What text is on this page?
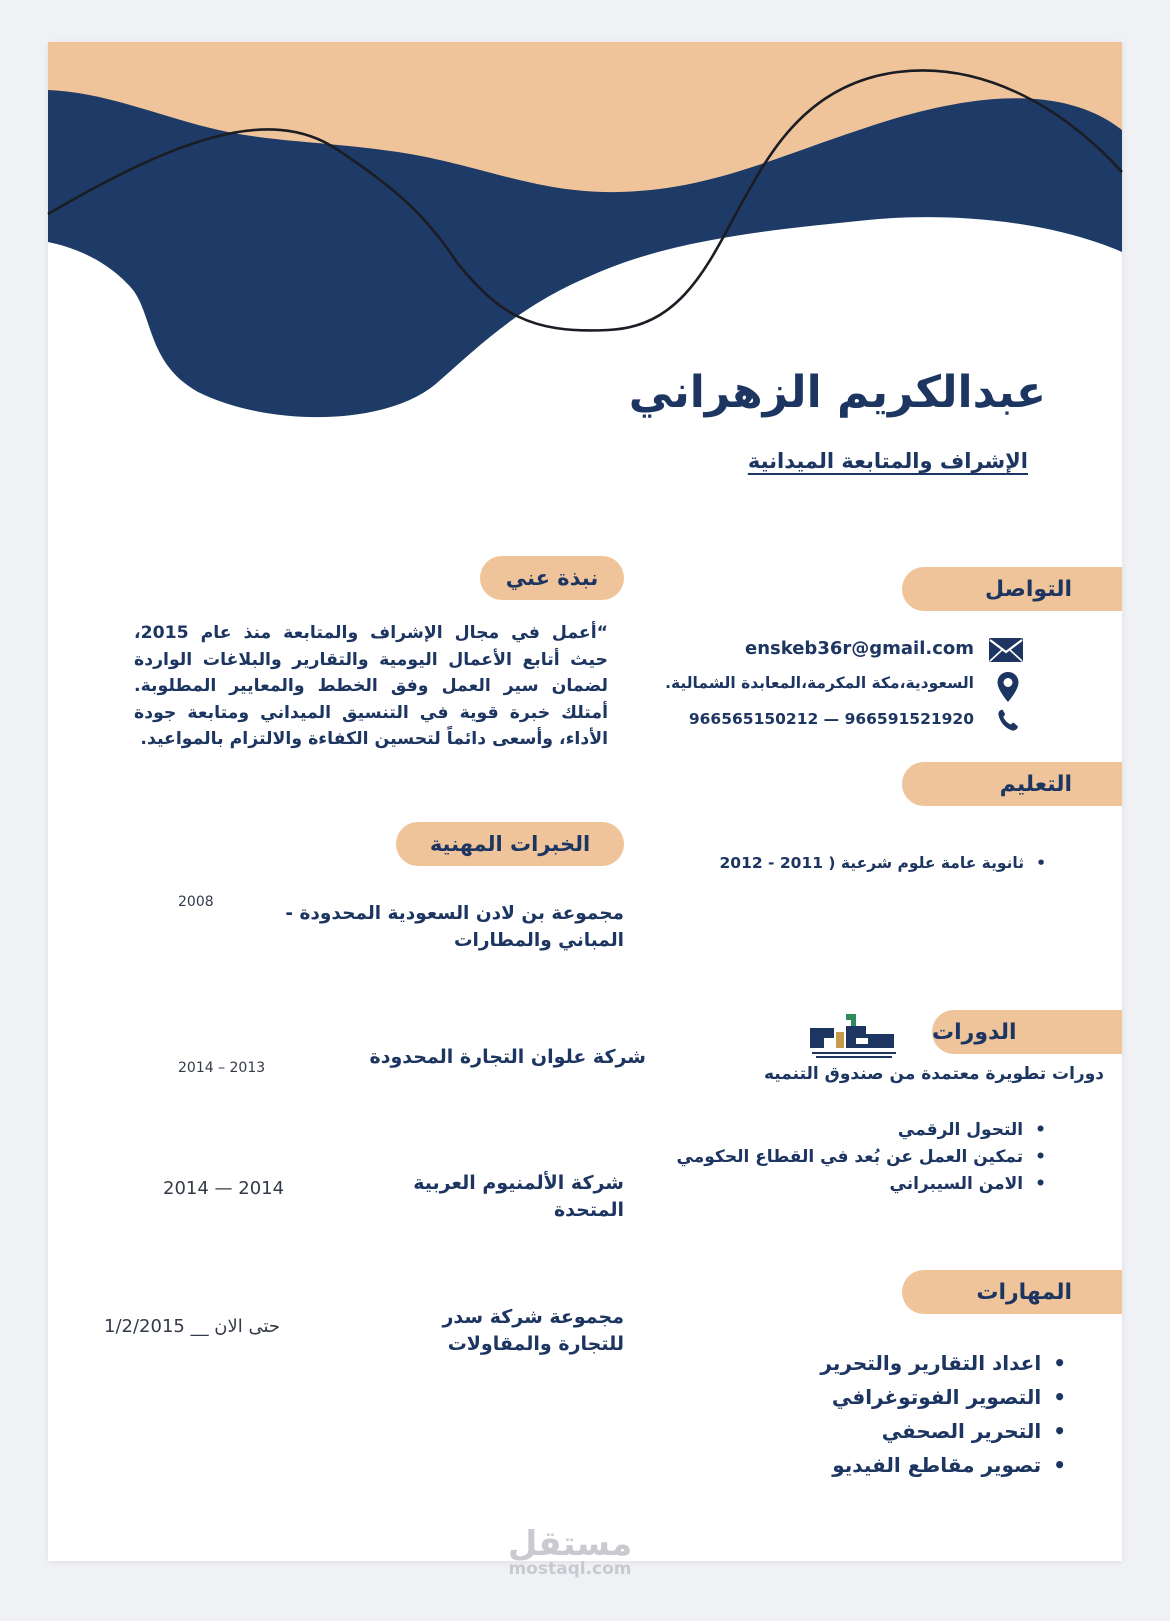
عبدالكريم الزهراني
الإشراف والمتابعة الميدانية
التواصل
enskeb36r@gmail.com
السعودية،مكة المكرمة،المعابدة الشمالية.
966591521920 — 966565150212
التعليم
• ثانوية عامة علوم شرعية ( 2011 - 2012
الدورات
دورات تطويرة معتمدة من صندوق التنميه
• التحول الرقمي
• تمكين العمل عن بُعد في القطاع الحكومي
• الامن السيبراني
المهارات
• اعداد التقارير والتحرير
• التصوير الفوتوغرافي
• التحرير الصحفي
• تصوير مقاطع الفيديو
نبذة عني
“أعمل في مجال الإشراف والمتابعة منذ عام 2015، حيث أتابع الأعمال اليومية والتقارير والبلاغات الواردة لضمان سير العمل وفق الخطط والمعايير المطلوبة. أمتلك خبرة قوية في التنسيق الميداني ومتابعة جودة الأداء، وأسعى دائماً لتحسين الكفاءة والالتزام بالمواعيد.
الخبرات المهنية
مجموعة بن لادن السعودية المحدودة - المباني والمطارات
2008
شركة علوان التجارة المحدودة
2014 – 2013
شركة الألمنيوم العربية المتحدة
2014 — 2014
مجموعة شركة سدر للتجارة والمقاولات
حتى الان __ 1/2/2015
مستقل
mostaql.com
